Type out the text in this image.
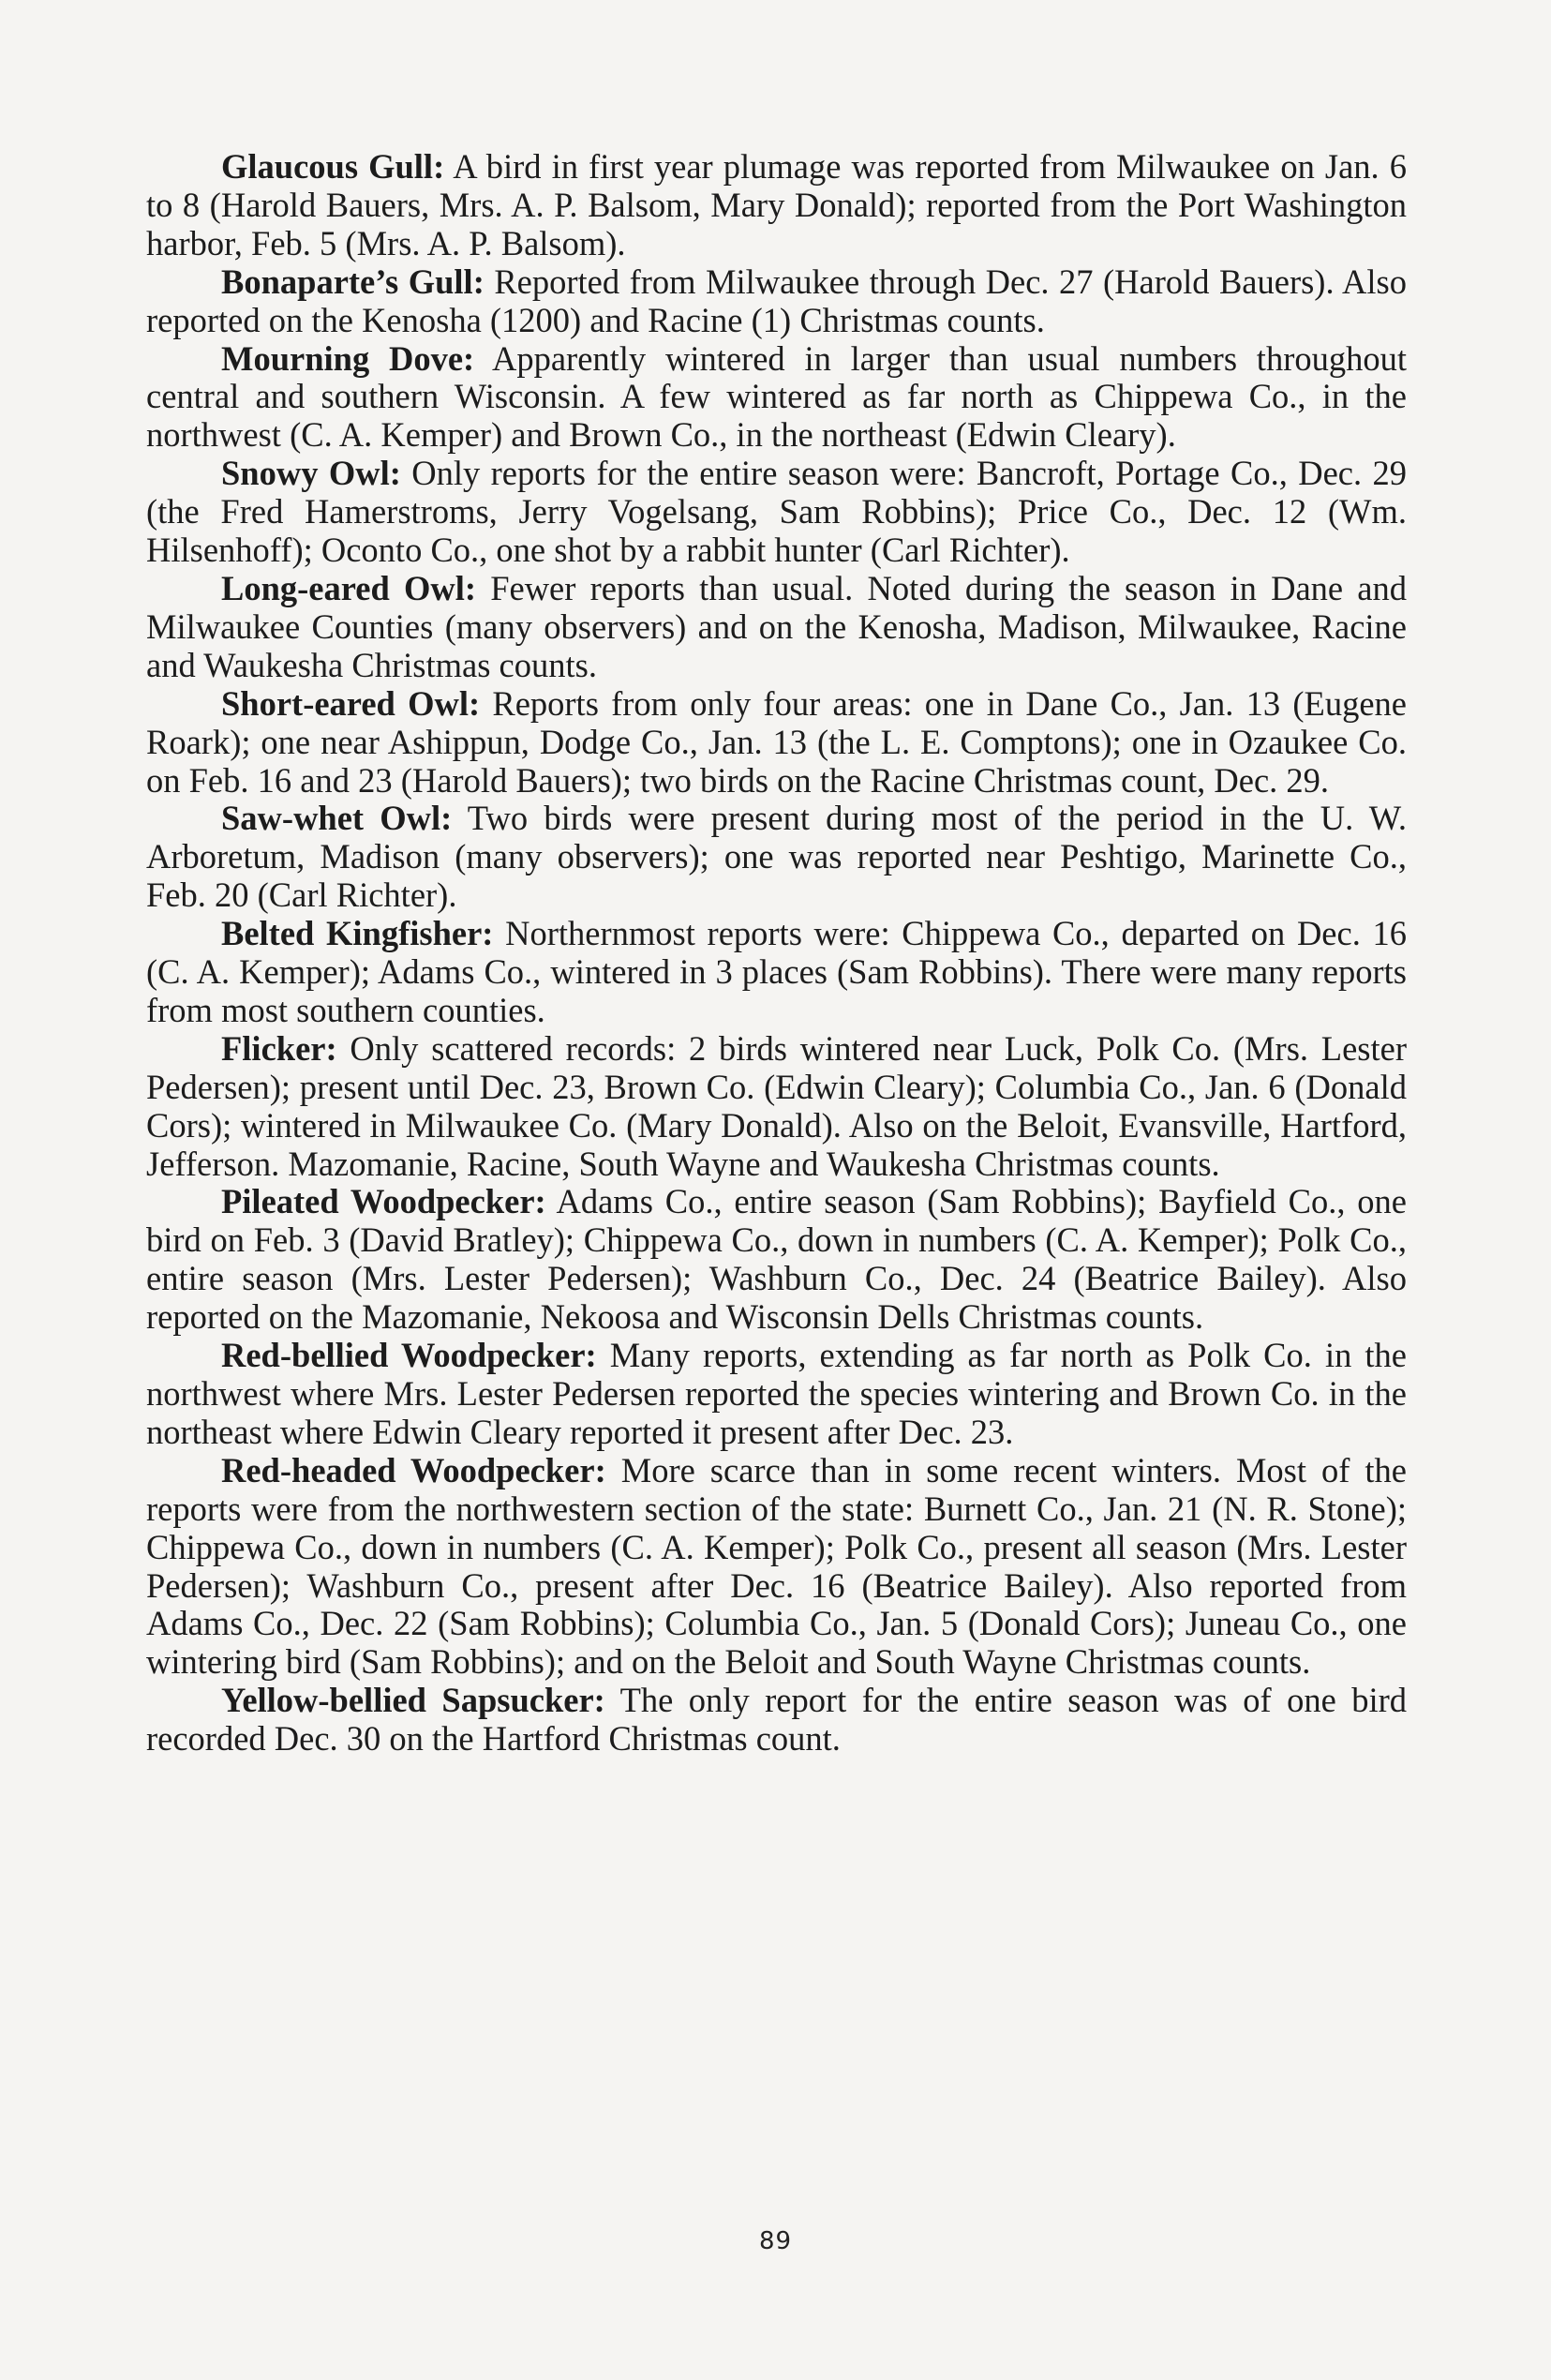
Glaucous Gull: A bird in first year plumage was reported from Milwaukee on Jan. 6 to 8 (Harold Bauers, Mrs. A. P. Balsom, Mary Donald); reported from the Port Washington harbor, Feb. 5 (Mrs. A. P. Balsom).

Bonaparte’s Gull: Reported from Milwaukee through Dec. 27 (Harold Bauers). Also reported on the Kenosha (1200) and Racine (1) Christmas counts.

Mourning Dove: Apparently wintered in larger than usual numbers throughout central and southern Wisconsin. A few wintered as far north as Chippewa Co., in the northwest (C. A. Kemper) and Brown Co., in the northeast (Edwin Cleary).

Snowy Owl: Only reports for the entire season were: Bancroft, Portage Co., Dec. 29 (the Fred Hamerstroms, Jerry Vogelsang, Sam Robbins); Price Co., Dec. 12 (Wm. Hilsenhoff); Oconto Co., one shot by a rabbit hunter (Carl Richter).

Long-eared Owl: Fewer reports than usual. Noted during the season in Dane and Milwaukee Counties (many observers) and on the Kenosha, Madison, Milwaukee, Racine and Waukesha Christmas counts.

Short-eared Owl: Reports from only four areas: one in Dane Co., Jan. 13 (Eugene Roark); one near Ashippun, Dodge Co., Jan. 13 (the L. E. Comptons); one in Ozaukee Co. on Feb. 16 and 23 (Harold Bauers); two birds on the Racine Christmas count, Dec. 29.

Saw-whet Owl: Two birds were present during most of the period in the U. W. Arboretum, Madison (many observers); one was reported near Peshtigo, Marinette Co., Feb. 20 (Carl Richter).

Belted Kingfisher: Northernmost reports were: Chippewa Co., departed on Dec. 16 (C. A. Kemper); Adams Co., wintered in 3 places (Sam Robbins). There were many reports from most southern counties.

Flicker: Only scattered records: 2 birds wintered near Luck, Polk Co. (Mrs. Lester Pedersen); present until Dec. 23, Brown Co. (Edwin Cleary); Columbia Co., Jan. 6 (Donald Cors); wintered in Milwaukee Co. (Mary Donald). Also on the Beloit, Evansville, Hartford, Jefferson. Mazomanie, Racine, South Wayne and Waukesha Christmas counts.

Pileated Woodpecker: Adams Co., entire season (Sam Robbins); Bayfield Co., one bird on Feb. 3 (David Bratley); Chippewa Co., down in numbers (C. A. Kemper); Polk Co., entire season (Mrs. Lester Pedersen); Washburn Co., Dec. 24 (Beatrice Bailey). Also reported on the Mazomanie, Nekoosa and Wisconsin Dells Christmas counts.

Red-bellied Woodpecker: Many reports, extending as far north as Polk Co. in the northwest where Mrs. Lester Pedersen reported the species wintering and Brown Co. in the northeast where Edwin Cleary reported it present after Dec. 23.

Red-headed Woodpecker: More scarce than in some recent winters. Most of the reports were from the northwestern section of the state: Burnett Co., Jan. 21 (N. R. Stone); Chippewa Co., down in numbers (C. A. Kemper); Polk Co., present all season (Mrs. Lester Pedersen); Washburn Co., present after Dec. 16 (Beatrice Bailey). Also reported from Adams Co., Dec. 22 (Sam Robbins); Columbia Co., Jan. 5 (Donald Cors); Juneau Co., one wintering bird (Sam Robbins); and on the Beloit and South Wayne Christmas counts.

Yellow-bellied Sapsucker: The only report for the entire season was of one bird recorded Dec. 30 on the Hartford Christmas count.

89
